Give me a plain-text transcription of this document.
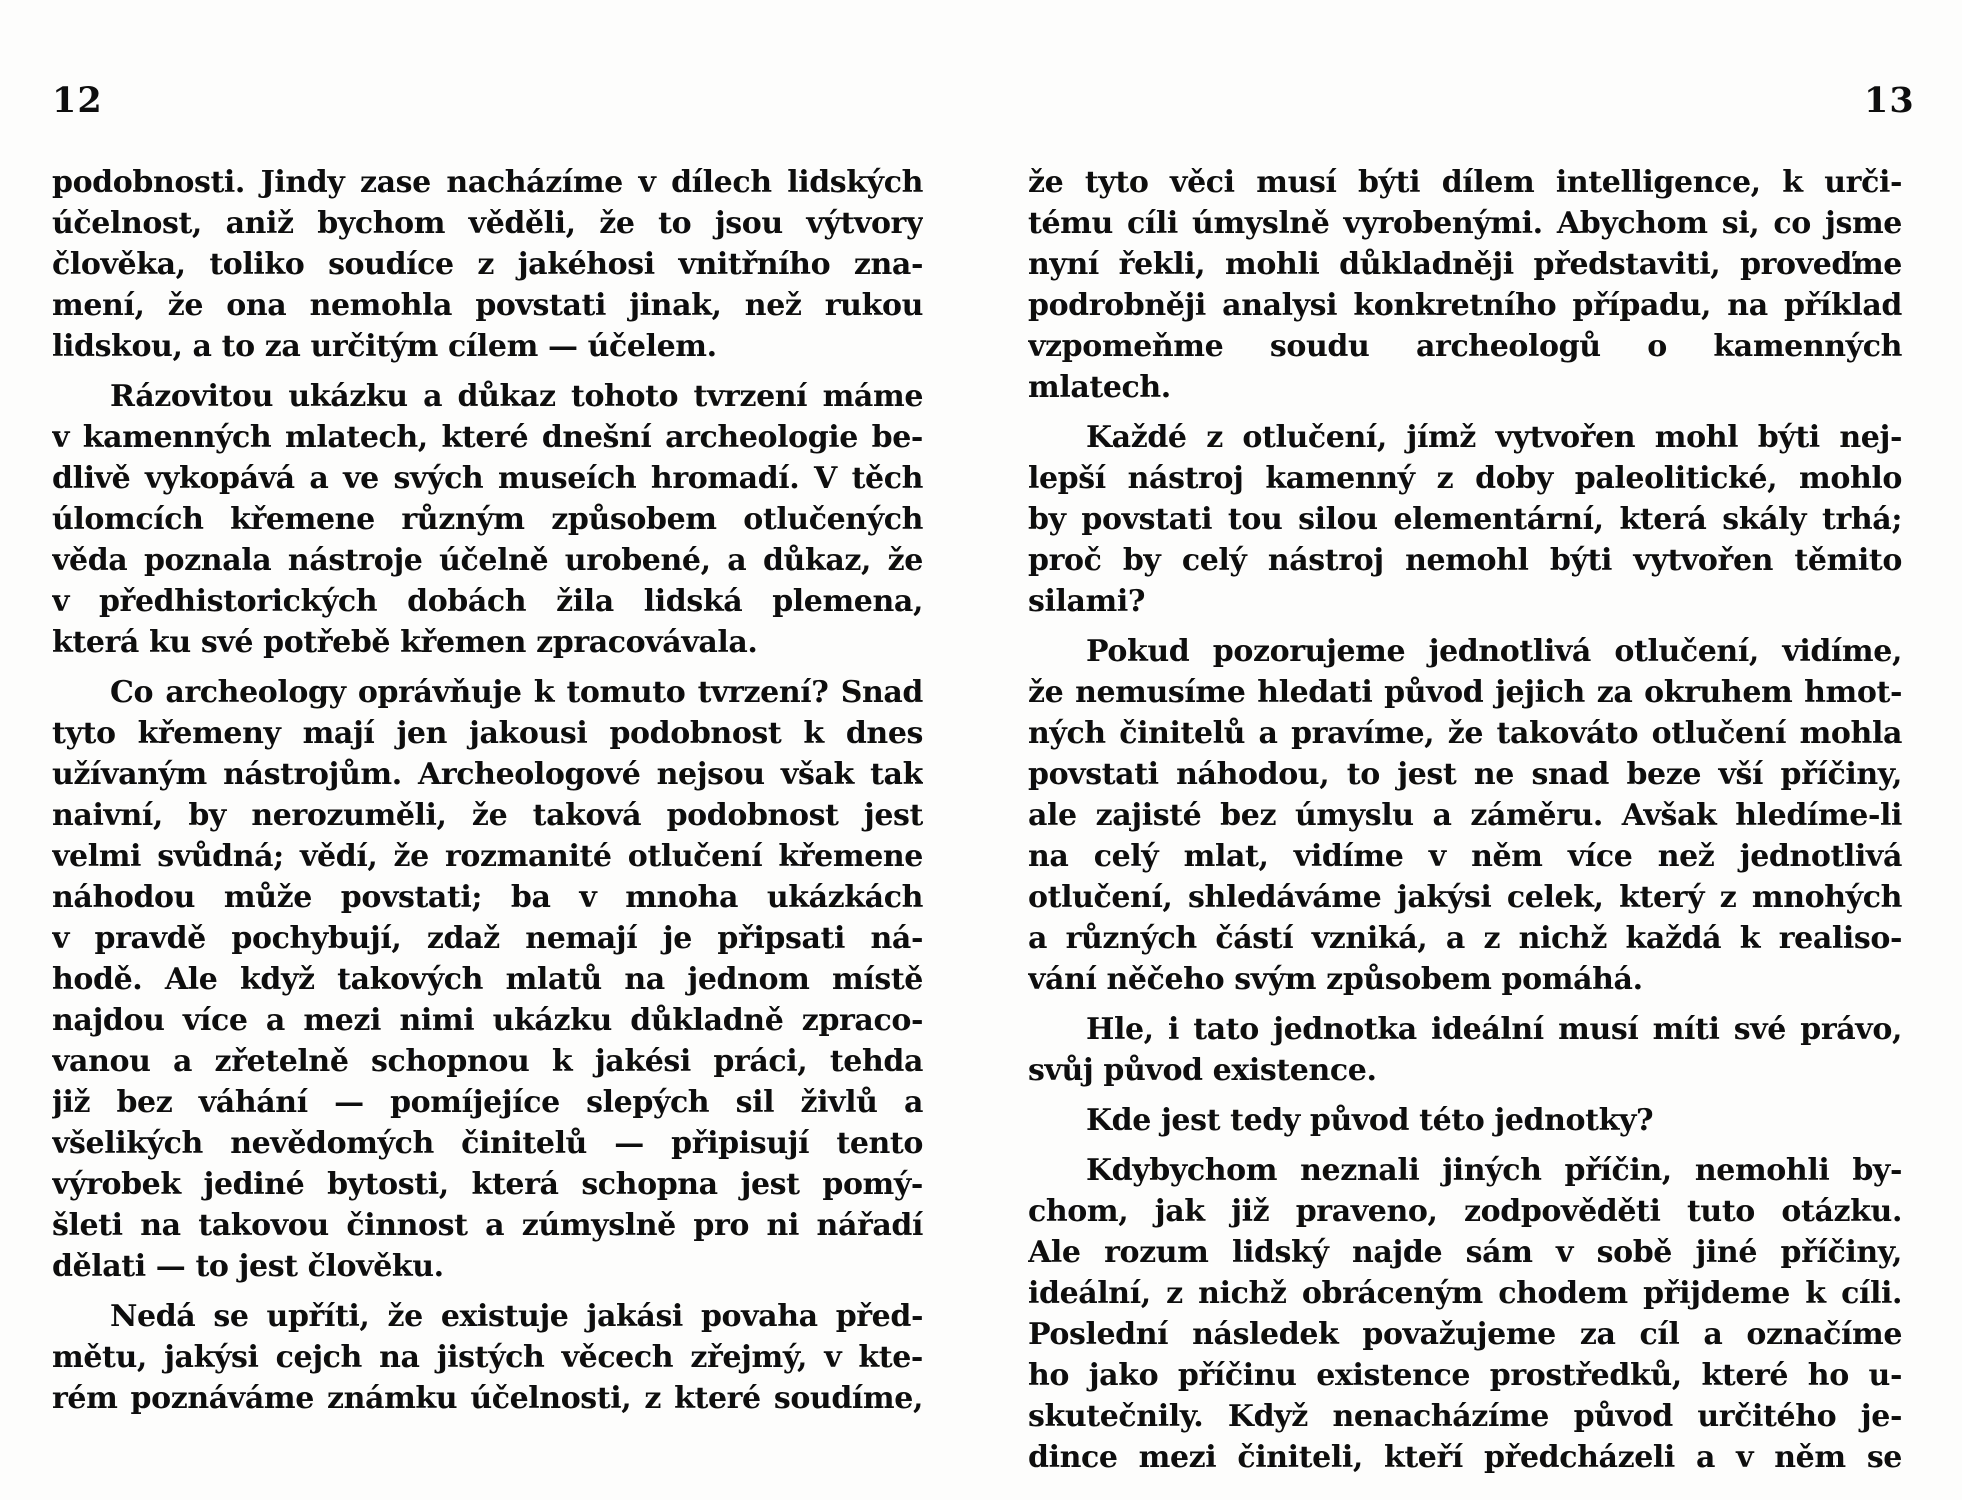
12	13
podobnosti. Jindy zase nacházíme v dílech lidských
účelnost, aniž bychom věděli, že to jsou výtvory
člověka, toliko soudíce z jakéhosi vnitřního zna-
mení, že ona nemohla povstati jinak, než rukou
lidskou, a to za určitým cílem — účelem.
Rázovitou ukázku a důkaz tohoto tvrzení máme
v kamenných mlatech, které dnešní archeologie be-
dlivě vykopává a ve svých museích hromadí. V těch
úlomcích křemene různým způsobem otlučených
věda poznala nástroje účelně urobené, a důkaz, že
v předhistorických dobách žila lidská plemena,
která ku své potřebě křemen zpracovávala.
Co archeology oprávňuje k tomuto tvrzení? Snad
tyto křemeny mají jen jakousi podobnost k dnes
užívaným nástrojům. Archeologové nejsou však tak
naivní, by nerozuměli, že taková podobnost jest
velmi svůdná; vědí, že rozmanité otlučení křemene
náhodou může povstati; ba v mnoha ukázkách
v pravdě pochybují, zdaž nemají je připsati ná-
hodě. Ale když takových mlatů na jednom místě
najdou více a mezi nimi ukázku důkladně zpraco-
vanou a zřetelně schopnou k jakési práci, tehda
již bez váhání — pomíjejíce slepých sil živlů a
všelikých nevědomých činitelů — připisují tento
výrobek jediné bytosti, která schopna jest pomý-
šleti na takovou činnost a zúmyslně pro ni nářadí
dělati — to jest člověku.
Nedá se upříti, že existuje jakási povaha před-
mětu, jakýsi cejch na jistých věcech zřejmý, v kte-
rém poznáváme známku účelnosti, z které soudíme,
že tyto věci musí býti dílem intelligence, k urči-
tému cíli úmyslně vyrobenými. Abychom si, co jsme
nyní řekli, mohli důkladněji představiti, proveďme
podrobněji analysi konkretního případu, na příklad
vzpomeňme soudu archeologů o kamenných mlatech.
Každé z otlučení, jímž vytvořen mohl býti nej-
lepší nástroj kamenný z doby paleolitické, mohlo
by povstati tou silou elementární, která skály trhá;
proč by celý nástroj nemohl býti vytvořen těmito
silami?
Pokud pozorujeme jednotlivá otlučení, vidíme,
že nemusíme hledati původ jejich za okruhem hmot-
ných činitelů a pravíme, že takováto otlučení mohla
povstati náhodou, to jest ne snad beze vší příčiny,
ale zajisté bez úmyslu a záměru. Avšak hledíme-li
na celý mlat, vidíme v něm více než jednotlivá
otlučení, shledáváme jakýsi celek, který z mnohých
a různých částí vzniká, a z nichž každá k realiso-
vání něčeho svým způsobem pomáhá.
Hle, i tato jednotka ideální musí míti své právo,
svůj původ existence.
Kde jest tedy původ této jednotky?
Kdybychom neznali jiných příčin, nemohli by-
chom, jak již praveno, zodpověděti tuto otázku.
Ale rozum lidský najde sám v sobě jiné příčiny,
ideální, z nichž obráceným chodem přijdeme k cíli.
Poslední následek považujeme za cíl a označíme
ho jako příčinu existence prostředků, které ho u-
skutečnily. Když nenacházíme původ určitého je-
dince mezi činiteli, kteří předcházeli a v něm se
